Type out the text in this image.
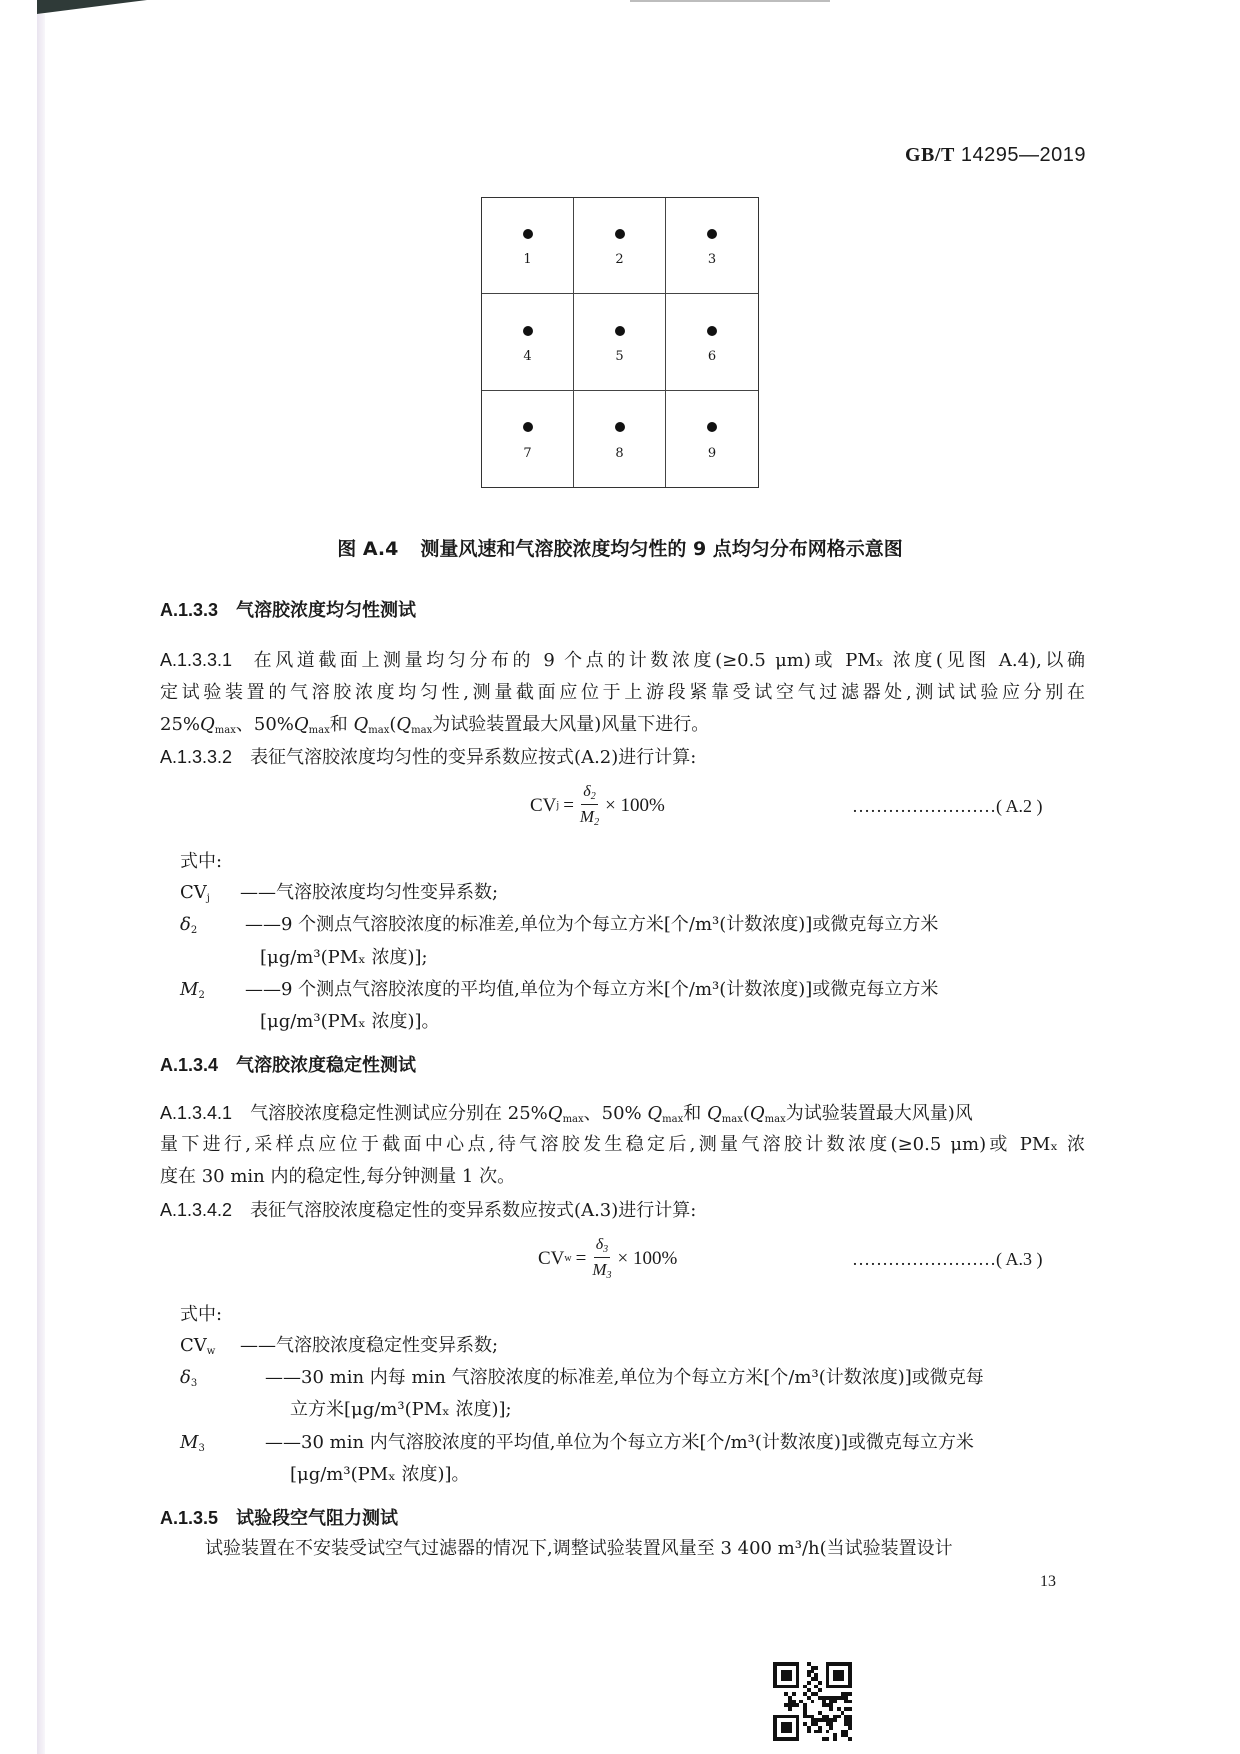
GB/T 14295—2019
1	2	3
4	5	6
7	8	9
图 A.4 测量风速和气溶胶浓度均匀性的 9 点均匀分布网格示意图
A.1.3.3 气溶胶浓度均匀性测试
A.1.3.3.1 在风道截面上测量均匀分布的 9 个点的计数浓度(≥0.5 μm)或 PMₓ 浓度(见图 A.4),以确
定试验装置的气溶胶浓度均匀性,测量截面应位于上游段紧靠受试空气过滤器处,测试试验应分别在
$25\%Q_{max}$、$50\%Q_{max}$和 $Q_{max}(Q_{max}$为试验装置最大风量)风量下进行。
A.1.3.3.2 表征气溶胶浓度均匀性的变异系数应按式(A.2)进行计算:
CV $j = \frac{\delta_2}{M_2} \times 100\%$	……………………( A.2 )
式中:
$CV_j$ ——气溶胶浓度均匀性变异系数;
$\delta_2$	——9 个测点气溶胶浓度的标准差,单位为个每立方米[个/m³(计数浓度)]或微克每立方米
[μg/m³(PMₓ 浓度)];
$M_2$ ——9 个测点气溶胶浓度的平均值,单位为个每立方米[个/m³(计数浓度)]或微克每立方米
[μg/m³(PMₓ 浓度)]。
A.1.3.4 气溶胶浓度稳定性测试
A.1.3.4.1 气溶胶浓度稳定性测试应分别在 $25\%Q_{max}$、50% $Q_{max}$和 $Q_{max}(Q_{max}$为试验装置最大风量)风
量下进行,采样点应位于截面中心点,待气溶胶发生稳定后,测量气溶胶计数浓度(≥0.5 μm)或 PMₓ 浓
度在 30 min 内的稳定性,每分钟测量 1 次。
A.1.3.4.2 表征气溶胶浓度稳定性的变异系数应按式(A.3)进行计算:
CV $w = \frac{\delta_3}{M_3} \times 100\%$	……………………( A.3 )
式中:
$CV_w$ ——气溶胶浓度稳定性变异系数;
$\delta_3$	——30 min 内每 min 气溶胶浓度的标准差,单位为个每立方米[个/m³(计数浓度)]或微克每
立方米[μg/m³(PMₓ 浓度)];
$M_3$	——30 min 内气溶胶浓度的平均值,单位为个每立方米[个/m³(计数浓度)]或微克每立方米
[μg/m³(PMₓ 浓度)]。
A.1.3.5 试验段空气阻力测试
试验装置在不安装受试空气过滤器的情况下,调整试验装置风量至 3 400 m³/h(当试验装置设计
13
